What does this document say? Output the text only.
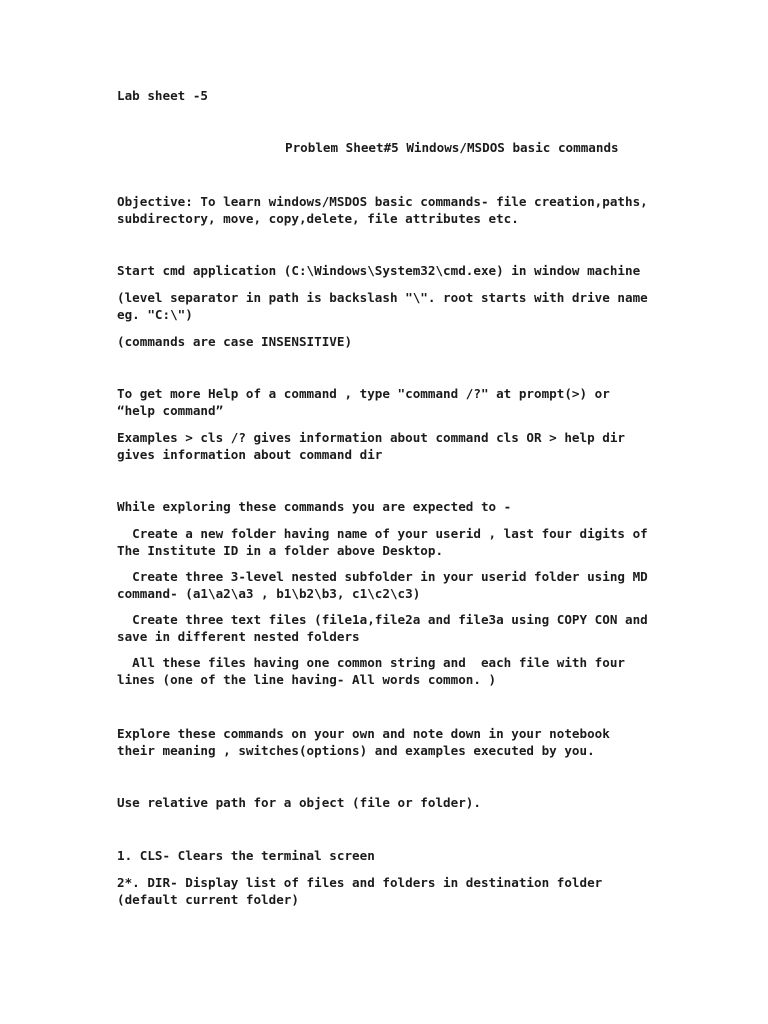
Lab sheet -5

Problem Sheet#5 Windows/MSDOS basic commands

Objective: To learn windows/MSDOS basic commands- file creation,paths,

subdirectory, move, copy,delete, file attributes etc.

Start cmd application (C:\Windows\System32\cmd.exe) in window machine

(level separator in path is backslash "\". root starts with drive name

eg. "C:\")

(commands are case INSENSITIVE)

To get more Help of a command , type "command /?" at prompt(>) or

“help command”

Examples > cls /? gives information about command cls OR > help dir

gives information about command dir

While exploring these commands you are expected to -

Create a new folder having name of your userid , last four digits of

The Institute ID in a folder above Desktop.

Create three 3-level nested subfolder in your userid folder using MD

command- (a1\a2\a3 , b1\b2\b3, c1\c2\c3)

Create three text files (file1a,file2a and file3a using COPY CON and

save in different nested folders

All these files having one common string and  each file with four

lines (one of the line having- All words common. )

Explore these commands on your own and note down in your notebook

their meaning , switches(options) and examples executed by you.

Use relative path for a object (file or folder).

1. CLS- Clears the terminal screen

2*. DIR- Display list of files and folders in destination folder

(default current folder)
